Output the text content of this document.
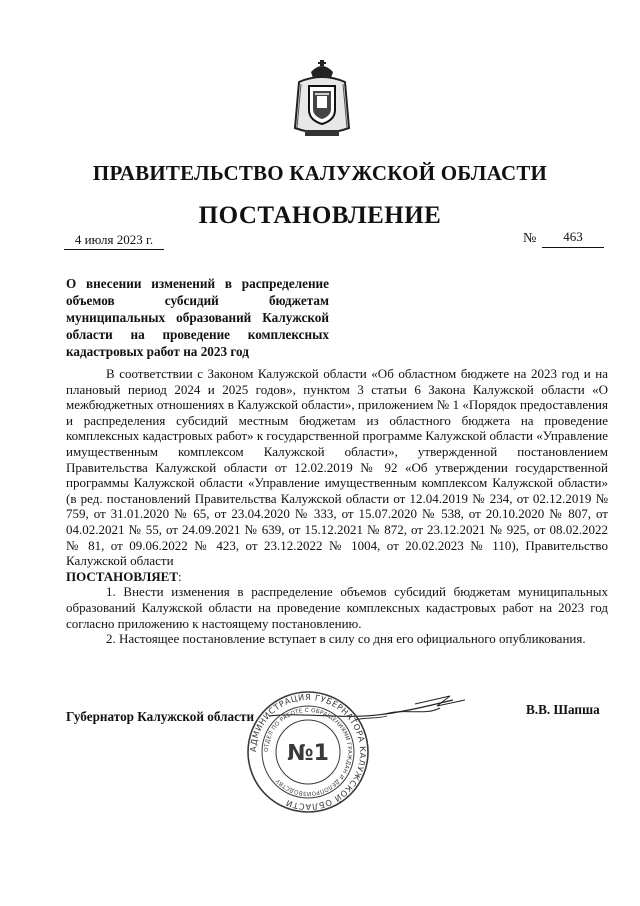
ПРАВИТЕЛЬСТВО КАЛУЖСКОЙ ОБЛАСТИ
ПОСТАНОВЛЕНИЕ
4 июля 2023 г.	№	463
О внесении изменений в распределение объемов субсидий бюджетам муниципальных образований Калужской области на проведение комплексных кадастровых работ на 2023 год

В соответствии с Законом Калужской области «Об областном бюджете на 2023 год и на плановый период 2024 и 2025 годов», пунктом 3 статьи 6 Закона Калужской области «О межбюджетных отношениях в Калужской области», приложением № 1 «Порядок предоставления и распределения субсидий местным бюджетам из областного бюджета на проведение комплексных кадастровых работ» к государственной программе Калужской области «Управление имущественным комплексом Калужской области», утвержденной постановлением Правительства Калужской области от 12.02.2019 № 92 «Об утверждении государственной программы Калужской области «Управление имущественным комплексом Калужской области» (в ред. постановлений Правительства Калужской области от 12.04.2019 № 234, от 02.12.2019 № 759, от 31.01.2020 № 65, от 23.04.2020 № 333, от 15.07.2020 № 538, от 20.10.2020 № 807, от 04.02.2021 № 55, от 24.09.2021 № 639, от 15.12.2021 № 872, от 23.12.2021 № 925, от 08.02.2022 № 81, от 09.06.2022 № 423, от 23.12.2022 № 1004, от 20.02.2023 № 110), Правительство Калужской области

ПОСТАНОВЛЯЕТ:

1. Внести изменения в распределение объемов субсидий бюджетам муниципальных образований Калужской области на проведение комплексных кадастровых работ на 2023 год согласно приложению к настоящему постановлению.

2. Настоящее постановление вступает в силу со дня его официального опубликования.

Губернатор Калужской области	В.В. Шапша
АДМИНИСТРАЦИЯ ГУБЕРНАТОРА КАЛУЖСКОЙ ОБЛАСТИ
ОТДЕЛ ПО РАБОТЕ С ОБРАЩЕНИЯМИ ГРАЖДАН И ДЕЛОПРОИЗВОДСТВУ
№1
